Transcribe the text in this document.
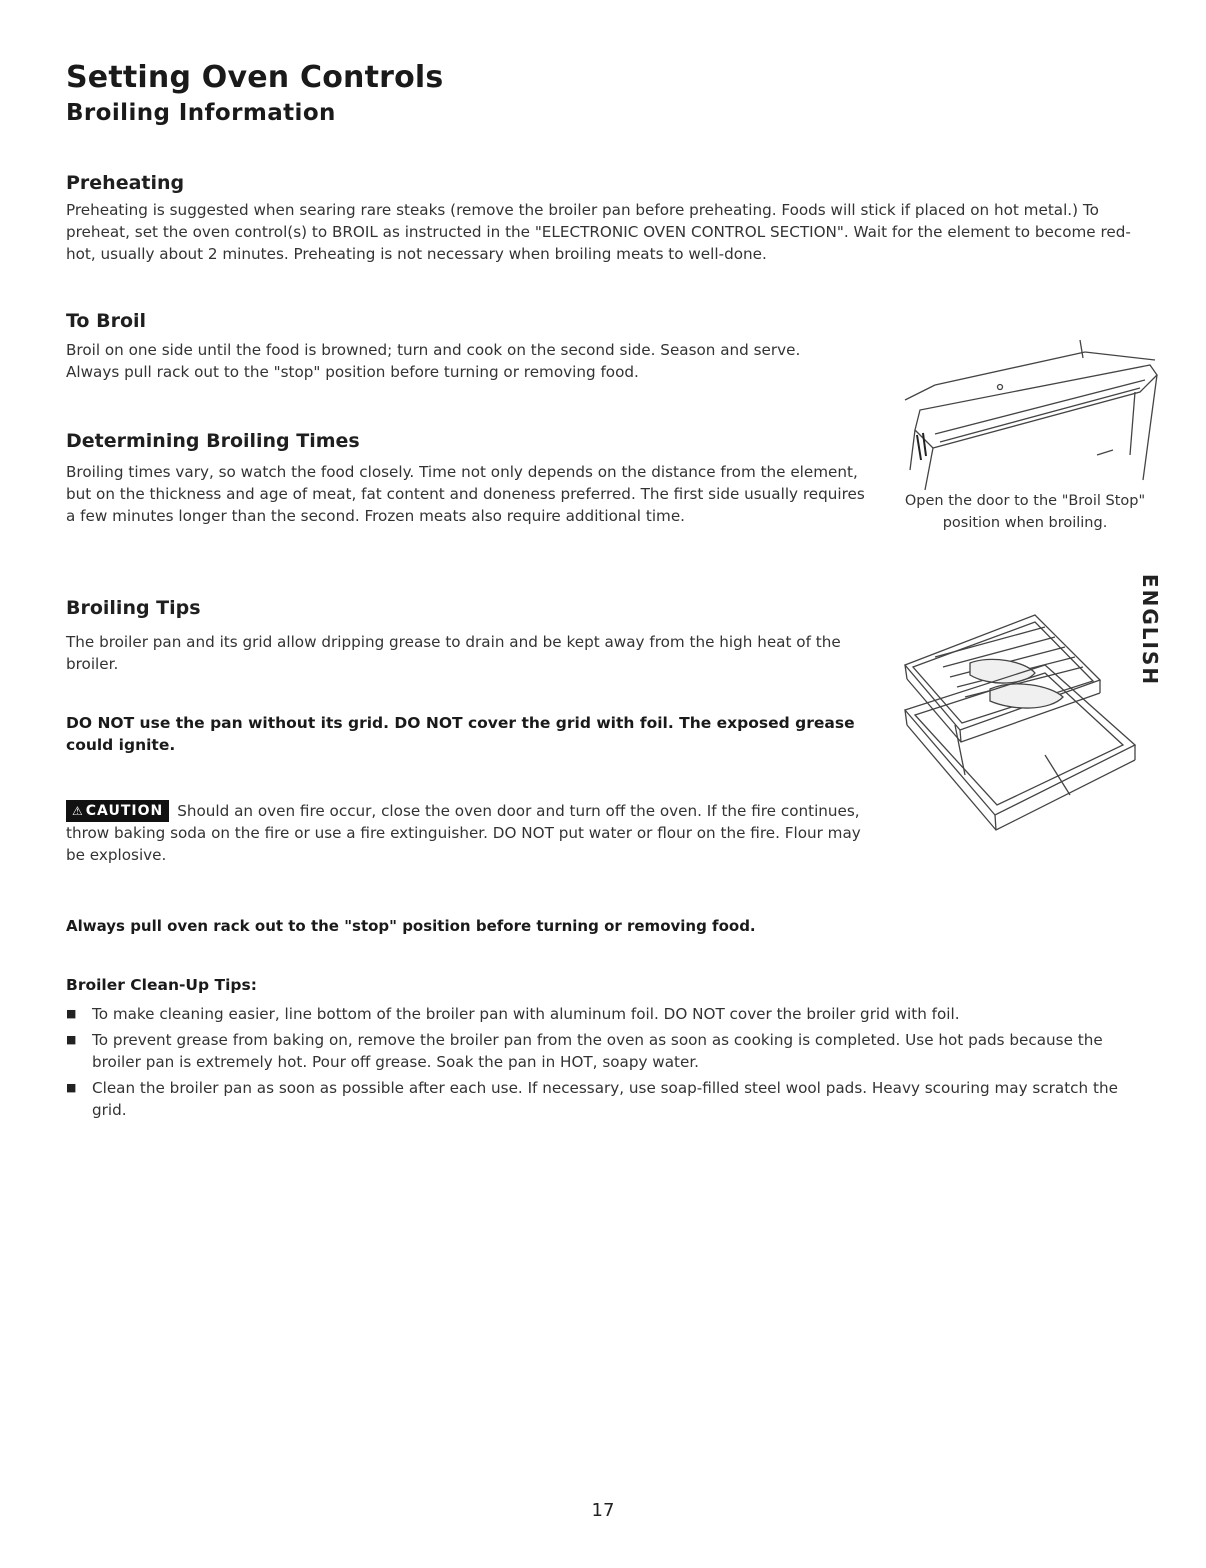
Setting Oven Controls
Broiling Information
Preheating

Preheating is suggested when searing rare steaks (remove the broiler pan before preheating. Foods will stick if placed on hot metal.) To preheat, set the oven control(s) to BROIL as instructed in the "ELECTRONIC OVEN CONTROL SECTION". Wait for the element to become red-hot, usually about 2 minutes. Preheating is not necessary when broiling meats to well-done.

To Broil

Broil on one side until the food is browned; turn and cook on the second side. Season and serve. Always pull rack out to the "stop" position before turning or removing food.

Open the door to the "Broil Stop" position when broiling.

Determining Broiling Times

Broiling times vary, so watch the food closely. Time not only depends on the distance from the element, but on the thickness and age of meat, fat content and doneness preferred. The first side usually requires a few minutes longer than the second. Frozen meats also require additional time.

ENGLISH
Broiling Tips

The broiler pan and its grid allow dripping grease to drain and be kept away from the high heat of the broiler.

DO NOT use the pan without its grid. DO NOT cover the grid with foil. The exposed grease could ignite.

⚠ CAUTION Should an oven fire occur, close the oven door and turn off the oven. If the fire continues, throw baking soda on the fire or use a fire extinguisher. DO NOT put water or flour on the fire. Flour may be explosive.

Always pull oven rack out to the "stop" position before turning or removing food.

Broiler Clean-Up Tips:
■ To make cleaning easier, line bottom of the broiler pan with aluminum foil. DO NOT cover the broiler grid with foil.
■ To prevent grease from baking on, remove the broiler pan from the oven as soon as cooking is completed. Use hot pads because the broiler pan is extremely hot. Pour off grease. Soak the pan in HOT, soapy water.
■ Clean the broiler pan as soon as possible after each use. If necessary, use soap-filled steel wool pads. Heavy scouring may scratch the grid.
17
